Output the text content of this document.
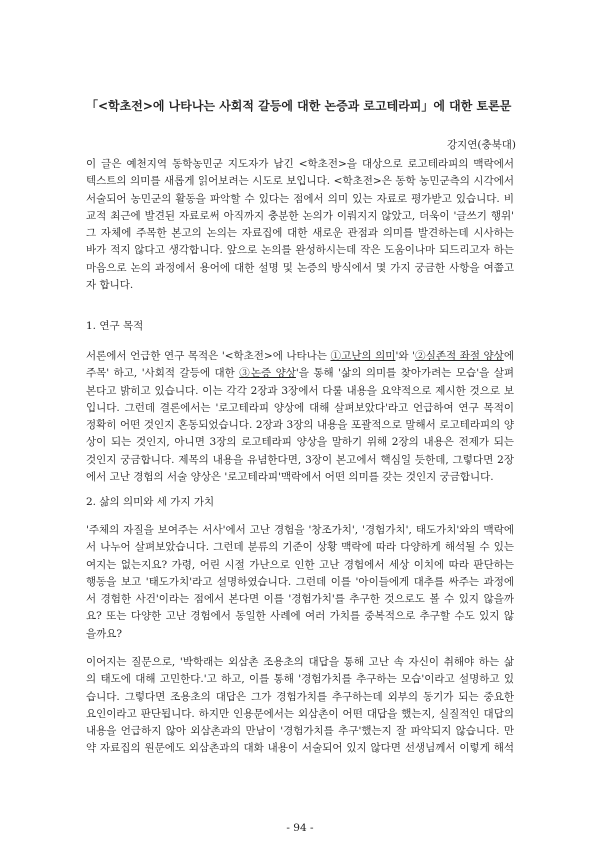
「<학초전>에 나타나는 사회적 갈등에 대한 논증과 로고테라피」에 대한 토론문
강지연(충북대)
이 글은 예천지역 동학농민군 지도자가 남긴 <학초전>을 대상으로 로고테라피의 맥락에서
텍스트의 의미를 새롭게 읽어보려는 시도로 보입니다. <학초전>은 동학 농민군측의 시각에서
서술되어 농민군의 활동을 파악할 수 있다는 점에서 의미 있는 자료로 평가받고 있습니다. 비
교적 최근에 발견된 자료로써 아직까지 충분한 논의가 이뤄지지 않았고, 더욱이 '글쓰기 행위'
그 자체에 주목한 본고의 논의는 자료집에 대한 새로운 관점과 의미를 발견하는데 시사하는
바가 적지 않다고 생각합니다. 앞으로 논의를 완성하시는데 작은 도움이나마 되드리고자 하는
마음으로 논의 과정에서 용어에 대한 설명 및 논증의 방식에서 몇 가지 궁금한 사항을 여쭙고
자 합니다.
1. 연구 목적
서론에서 언급한 연구 목적은 '<학초전>에 나타나는 ①고난의 의미'와 '②실존적 좌절 양상에
주목' 하고, '사회적 갈등에 대한 ③논증 양상'을 통해 '삶의 의미를 찾아가려는 모습'을 살펴
본다고 밝히고 있습니다. 이는 각각 2장과 3장에서 다룰 내용을 요약적으로 제시한 것으로 보
입니다. 그런데 결론에서는 '로고테라피 양상에 대해 살펴보았다'라고 언급하여 연구 목적이
정확히 어떤 것인지 혼동되었습니다. 2장과 3장의 내용을 포괄적으로 말해서 로고테라피의 양
상이 되는 것인지, 아니면 3장의 로고테라피 양상을 말하기 위해 2장의 내용은 전제가 되는
것인지 궁금합니다. 제목의 내용을 유념한다면, 3장이 본고에서 핵심일 듯한데, 그렇다면 2장
에서 고난 경험의 서술 양상은 '로고테라피'맥락에서 어떤 의미를 갖는 것인지 궁금합니다.
2. 삶의 의미와 세 가지 가치
'주체의 자질을 보여주는 서사'에서 고난 경험을 '창조가치', '경험가치', 태도가치'와의 맥락에
서 나누어 살펴보았습니다. 그런데 분류의 기준이 상황 맥락에 따라 다양하게 해석될 수 있는
여지는 없는지요? 가령, 어린 시절 가난으로 인한 고난 경험에서 세상 이치에 따라 판단하는
행동을 보고 '태도가치'라고 설명하였습니다. 그런데 이를 '아이들에게 대추를 싸주는 과정에
서 경험한 사건'이라는 점에서 본다면 이를 '경험가치'를 추구한 것으로도 볼 수 있지 않을까
요? 또는 다양한 고난 경험에서 동일한 사례에 여러 가치를 중복적으로 추구할 수도 있지 않
을까요?
이어지는 질문으로, '박학래는 외삼촌 조용초의 대답을 통해 고난 속 자신이 취해야 하는 삶
의 태도에 대해 고민한다.'고 하고, 이를 통해 '경험가치를 추구하는 모습'이라고 설명하고 있
습니다. 그렇다면 조용초의 대답은 그가 경험가치를 추구하는데 외부의 동기가 되는 중요한
요인이라고 판단됩니다. 하지만 인용문에서는 외삼촌이 어떤 대답을 했는지, 실질적인 대답의
내용을 언급하지 않아 외삼촌과의 만남이 '경험가치를 추구'했는지 잘 파악되지 않습니다. 만
약 자료집의 원문에도 외삼촌과의 대화 내용이 서술되어 있지 않다면 선생님께서 이렇게 해석
- 94 -
